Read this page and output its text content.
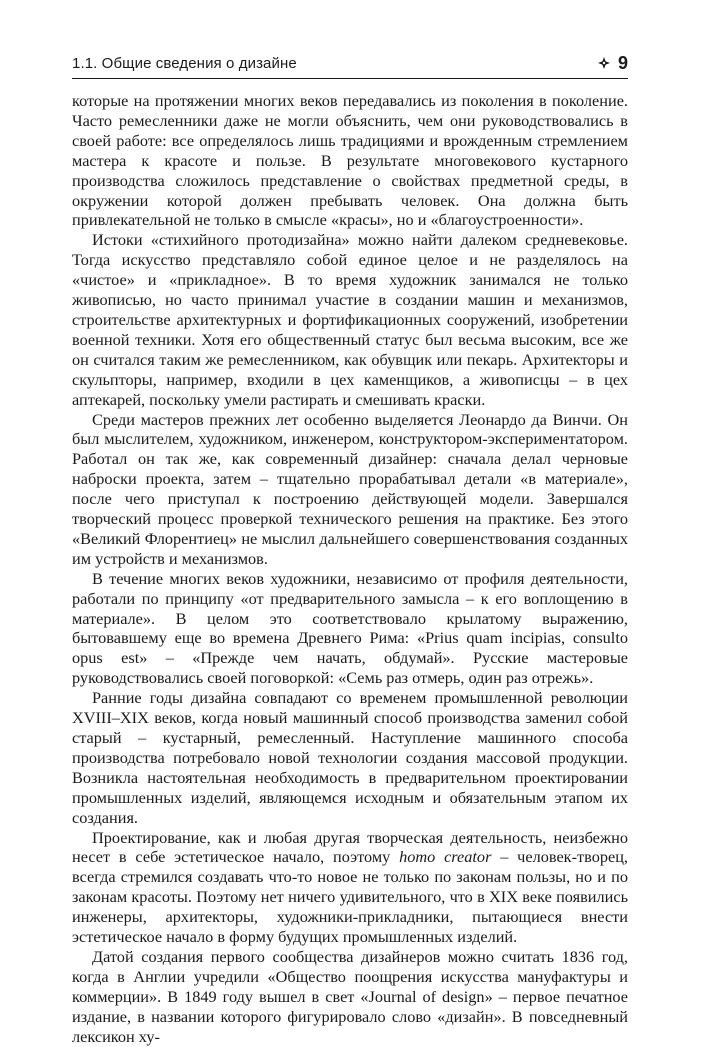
1.1. Общие сведения о дизайне	9

которые на протяжении многих веков передавались из поколения в поколение. Часто ремесленники даже не могли объяснить, чем они руководствовались в своей работе: все определялось лишь традициями и врожденным стремлением мастера к красоте и пользе. В результате многовекового кустарного производства сложилось представление о свойствах предметной среды, в окружении которой должен пребывать человек. Она должна быть привлекательной не только в смысле «красы», но и «благоустроенности».

Истоки «стихийного протодизайна» можно найти далеком средневековье. Тогда искусство представляло собой единое целое и не разделялось на «чистое» и «прикладное». В то время художник занимался не только живописью, но часто принимал участие в создании машин и механизмов, строительстве архитектурных и фортификационных сооружений, изобретении военной техники. Хотя его общественный статус был весьма высоким, все же он считался таким же ремесленником, как обувщик или пекарь. Архитекторы и скульпторы, например, входили в цех каменщиков, а живописцы – в цех аптекарей, поскольку умели растирать и смешивать краски.

Среди мастеров прежних лет особенно выделяется Леонардо да Винчи. Он был мыслителем, художником, инженером, конструктором-экспериментатором. Работал он так же, как современный дизайнер: сначала делал черновые наброски проекта, затем – тщательно прорабатывал детали «в материале», после чего приступал к построению действующей модели. Завершался творческий процесс проверкой технического решения на практике. Без этого «Великий Флорентиец» не мыслил дальнейшего совершенствования созданных им устройств и механизмов.

В течение многих веков художники, независимо от профиля деятельности, работали по принципу «от предварительного замысла – к его воплощению в материале». В целом это соответствовало крылатому выражению, бытовавшему еще во времена Древнего Рима: «Prius quam incipias, consulto opus est» – «Прежде чем начать, обдумай». Русские мастеровые руководствовались своей поговоркой: «Семь раз отмерь, один раз отрежь».

Ранние годы дизайна совпадают со временем промышленной революции XVIII–XIX веков, когда новый машинный способ производства заменил собой старый – кустарный, ремесленный. Наступление машинного способа производства потребовало новой технологии создания массовой продукции. Возникла настоятельная необходимость в предварительном проектировании промышленных изделий, являющемся исходным и обязательным этапом их создания.

Проектирование, как и любая другая творческая деятельность, неизбежно несет в себе эстетическое начало, поэтому homo creator – человек-творец, всегда стремился создавать что-то новое не только по законам пользы, но и по законам красоты. Поэтому нет ничего удивительного, что в XIX веке появились инженеры, архитекторы, художники-прикладники, пытающиеся внести эстетическое начало в форму будущих промышленных изделий.

Датой создания первого сообщества дизайнеров можно считать 1836 год, когда в Англии учредили «Общество поощрения искусства мануфактуры и коммерции». В 1849 году вышел в свет «Journal of design» – первое печатное издание, в названии которого фигурировало слово «дизайн». В повседневный лексикон ху-
